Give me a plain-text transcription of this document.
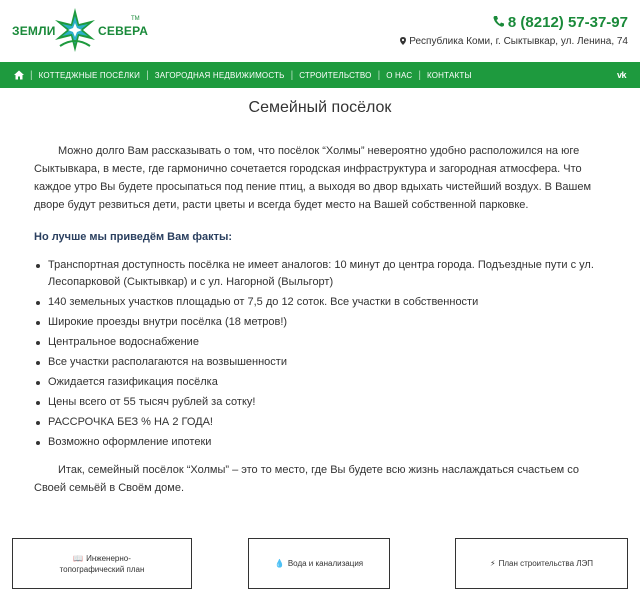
ЗЕМЛИ	СЕВЕРА
TM	8 (8212) 57-37-97
Республика Коми, г. Сыктывкар, ул. Ленина, 74
| КОТТЕДЖНЫЕ ПОСЁЛКИ | ЗАГОРОДНАЯ НЕДВИЖИМОСТЬ | СТРОИТЕЛЬСТВО | О НАС | КОНТАКТЫ	vk
Семейный посёлок

Можно долго Вам рассказывать о том, что посёлок “Холмы” невероятно удобно расположился на юге Сыктывкара, в месте, где гармонично сочетается городская инфраструктура и загородная атмосфера. Что каждое утро Вы будете просыпаться под пение птиц, а выходя во двор вдыхать чистейший воздух. В Вашем дворе будут резвиться дети, расти цветы и всегда будет место на Вашей собственной парковке.

Но лучше мы приведём Вам факты:

Транспортная доступность посёлка не имеет аналогов: 10 минут до центра города. Подъездные пути с ул. Лесопарковой (Сыктывкар) и с ул. Нагорной (Выльгорт)
140 земельных участков площадью от 7,5 до 12 соток. Все участки в собственности
Широкие проезды внутри посёлка (18 метров!)
Центральное водоснабжение
Все участки располагаются на возвышенности
Ожидается газификация посёлка
Цены всего от 55 тысяч рублей за сотку!
РАССРОЧКА БЕЗ % НА 2 ГОДА!
Возможно оформление ипотеки

Итак, семейный посёлок “Холмы” – это то место, где Вы будете всю жизнь наслаждаться счастьем со Своей семьёй в Своём доме.

📖 Инженерно-
топографический план
💧 Вода и канализация	⚡ План строительства ЛЭП
